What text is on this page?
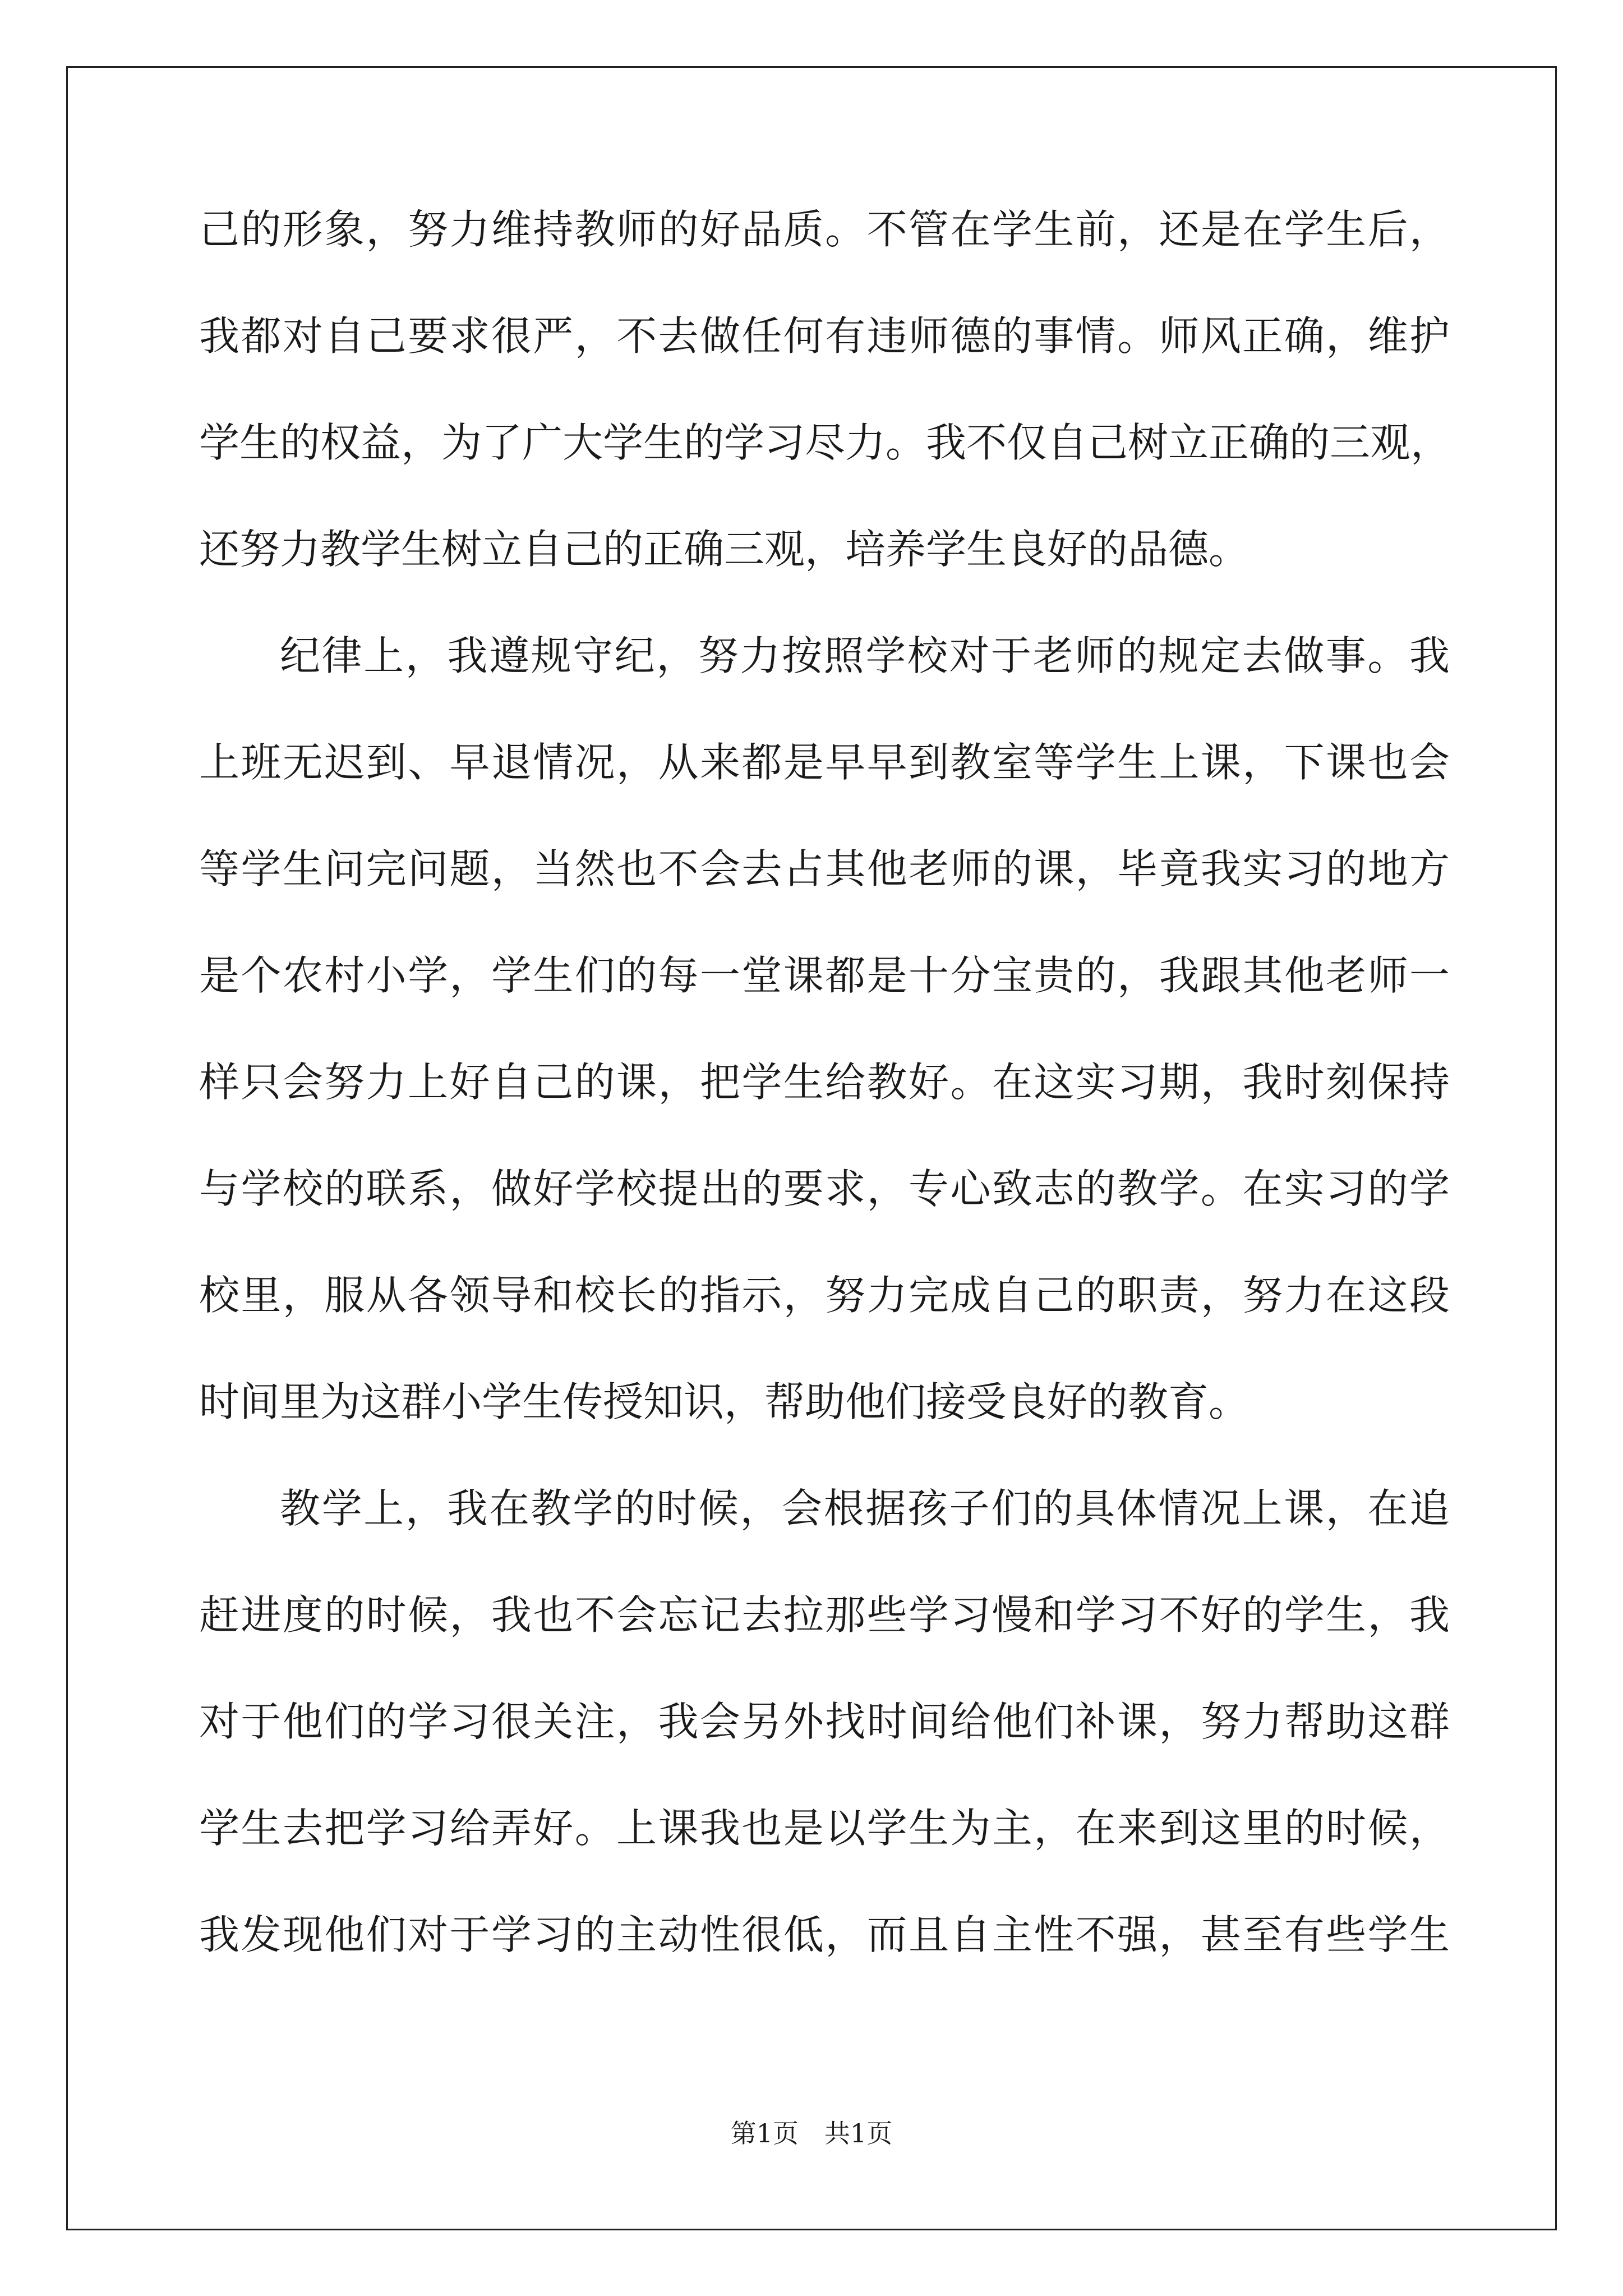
己的形象，努力维持教师的好品质。不管在学生前，还是在学生后，
我都对自己要求很严，不去做任何有违师德的事情。师风正确，维护
学生的权益，为了广大学生的学习尽力。我不仅自己树立正确的三观，
还努力教学生树立自己的正确三观，培养学生良好的品德。
纪律上，我遵规守纪，努力按照学校对于老师的规定去做事。我
上班无迟到、早退情况，从来都是早早到教室等学生上课，下课也会
等学生问完问题，当然也不会去占其他老师的课，毕竟我实习的地方
是个农村小学，学生们的每一堂课都是十分宝贵的，我跟其他老师一
样只会努力上好自己的课，把学生给教好。在这实习期，我时刻保持
与学校的联系，做好学校提出的要求，专心致志的教学。在实习的学
校里，服从各领导和校长的指示，努力完成自己的职责，努力在这段
时间里为这群小学生传授知识，帮助他们接受良好的教育。
教学上，我在教学的时候，会根据孩子们的具体情况上课，在追
赶进度的时候，我也不会忘记去拉那些学习慢和学习不好的学生，我
对于他们的学习很关注，我会另外找时间给他们补课，努力帮助这群
学生去把学习给弄好。上课我也是以学生为主，在来到这里的时候，
我发现他们对于学习的主动性很低，而且自主性不强，甚至有些学生

第1页　共1页
